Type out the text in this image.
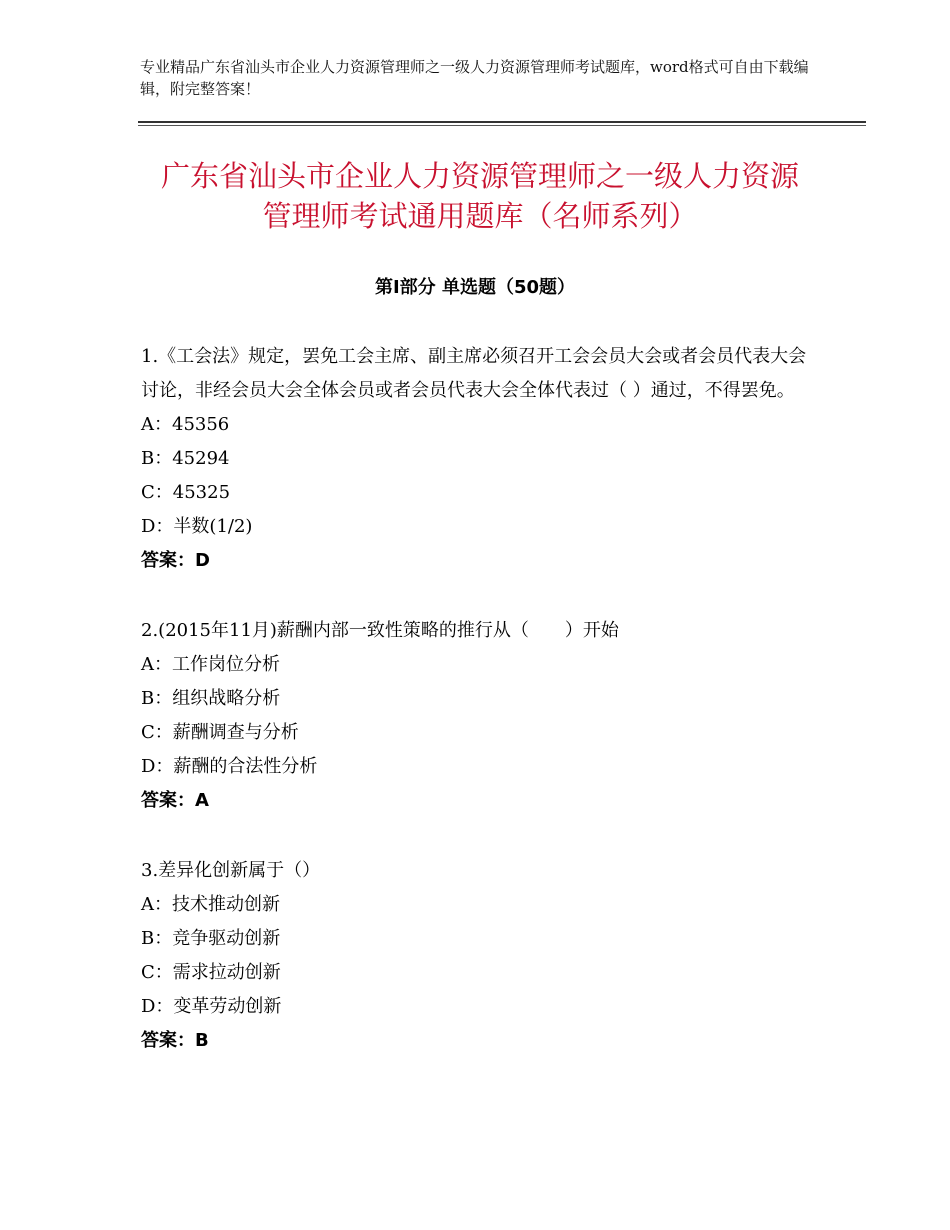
专业精品广东省汕头市企业人力资源管理师之一级人力资源管理师考试题库，word格式可自由下载编辑，附完整答案！
广东省汕头市企业人力资源管理师之一级人力资源管理师考试通用题库（名师系列）
第Ⅰ部分 单选题（50题）

1.《工会法》规定，罢免工会主席、副主席必须召开工会会员大会或者会员代表大会讨论，非经会员大会全体会员或者会员代表大会全体代表过（ ）通过，不得罢免。

A：45356

B：45294

C：45325

D：半数(1/2)

答案：D

2.(2015年11月)薪酬内部一致性策略的推行从（　　）开始

A：工作岗位分析

B：组织战略分析

C：薪酬调查与分析

D：薪酬的合法性分析

答案：A

3.差异化创新属于（）

A：技术推动创新

B：竞争驱动创新

C：需求拉动创新

D：变革劳动创新

答案：B
